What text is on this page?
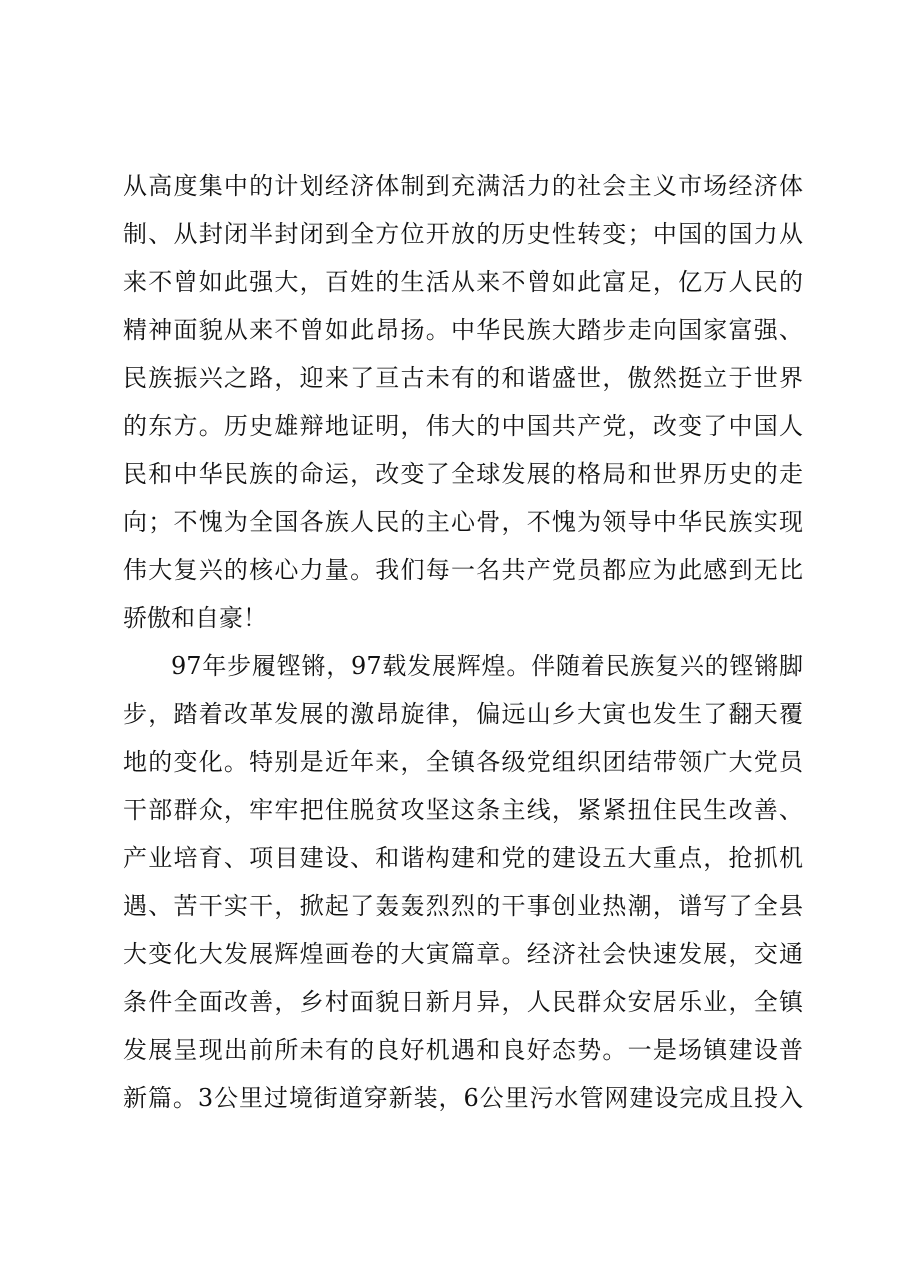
从高度集中的计划经济体制到充满活力的社会主义市场经济体
制、从封闭半封闭到全方位开放的历史性转变；中国的国力从
来不曾如此强大，百姓的生活从来不曾如此富足，亿万人民的
精神面貌从来不曾如此昂扬。中华民族大踏步走向国家富强、
民族振兴之路，迎来了亘古未有的和谐盛世，傲然挺立于世界
的东方。历史雄辩地证明，伟大的中国共产党，改变了中国人
民和中华民族的命运，改变了全球发展的格局和世界历史的走
向；不愧为全国各族人民的主心骨，不愧为领导中华民族实现
伟大复兴的核心力量。我们每一名共产党员都应为此感到无比
骄傲和自豪！
97年步履铿锵，97载发展辉煌。伴随着民族复兴的铿锵脚
步，踏着改革发展的激昂旋律，偏远山乡大寅也发生了翻天覆
地的变化。特别是近年来，全镇各级党组织团结带领广大党员
干部群众，牢牢把住脱贫攻坚这条主线，紧紧扭住民生改善、
产业培育、项目建设、和谐构建和党的建设五大重点，抢抓机
遇、苦干实干，掀起了轰轰烈烈的干事创业热潮，谱写了全县
大变化大发展辉煌画卷的大寅篇章。经济社会快速发展，交通
条件全面改善，乡村面貌日新月异，人民群众安居乐业，全镇
发展呈现出前所未有的良好机遇和良好态势。一是场镇建设普
新篇。3公里过境街道穿新装，6公里污水管网建设完成且投入
